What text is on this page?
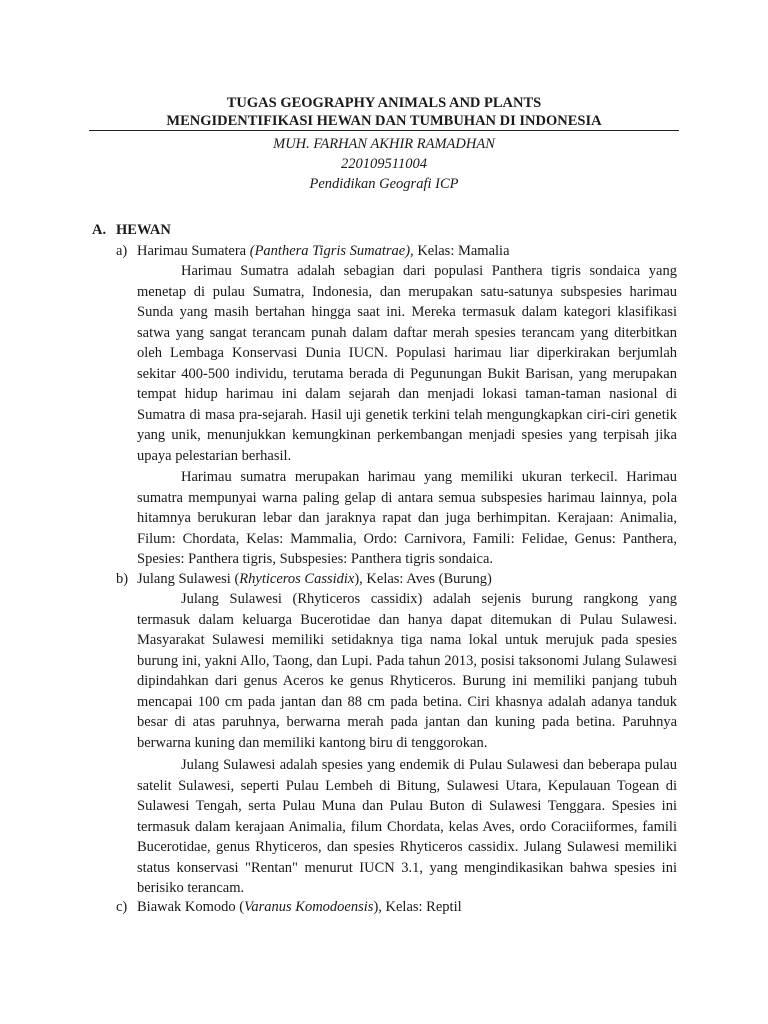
TUGAS GEOGRAPHY ANIMALS AND PLANTS
MENGIDENTIFIKASI HEWAN DAN TUMBUHAN DI INDONESIA
MUH. FARHAN AKHIR RAMADHAN
220109511004
Pendidikan Geografi ICP
A. HEWAN
a) Harimau Sumatera (Panthera Tigris Sumatrae), Kelas: Mamalia

Harimau Sumatra adalah sebagian dari populasi Panthera tigris sondaica yang menetap di pulau Sumatra, Indonesia, dan merupakan satu-satunya subspesies harimau Sunda yang masih bertahan hingga saat ini. Mereka termasuk dalam kategori klasifikasi satwa yang sangat terancam punah dalam daftar merah spesies terancam yang diterbitkan oleh Lembaga Konservasi Dunia IUCN. Populasi harimau liar diperkirakan berjumlah sekitar 400-500 individu, terutama berada di Pegunungan Bukit Barisan, yang merupakan tempat hidup harimau ini dalam sejarah dan menjadi lokasi taman-taman nasional di Sumatra di masa pra-sejarah. Hasil uji genetik terkini telah mengungkapkan ciri-ciri genetik yang unik, menunjukkan kemungkinan perkembangan menjadi spesies yang terpisah jika upaya pelestarian berhasil.

Harimau sumatra merupakan harimau yang memiliki ukuran terkecil. Harimau sumatra mempunyai warna paling gelap di antara semua subspesies harimau lainnya, pola hitamnya berukuran lebar dan jaraknya rapat dan juga berhimpitan. Kerajaan: Animalia, Filum: Chordata, Kelas: Mammalia, Ordo: Carnivora, Famili: Felidae, Genus: Panthera, Spesies: Panthera tigris, Subspesies: Panthera tigris sondaica.

b) Julang Sulawesi (Rhyticeros Cassidix), Kelas: Aves (Burung)

Julang Sulawesi (Rhyticeros cassidix) adalah sejenis burung rangkong yang termasuk dalam keluarga Bucerotidae dan hanya dapat ditemukan di Pulau Sulawesi. Masyarakat Sulawesi memiliki setidaknya tiga nama lokal untuk merujuk pada spesies burung ini, yakni Allo, Taong, dan Lupi. Pada tahun 2013, posisi taksonomi Julang Sulawesi dipindahkan dari genus Aceros ke genus Rhyticeros. Burung ini memiliki panjang tubuh mencapai 100 cm pada jantan dan 88 cm pada betina. Ciri khasnya adalah adanya tanduk besar di atas paruhnya, berwarna merah pada jantan dan kuning pada betina. Paruhnya berwarna kuning dan memiliki kantong biru di tenggorokan.

Julang Sulawesi adalah spesies yang endemik di Pulau Sulawesi dan beberapa pulau satelit Sulawesi, seperti Pulau Lembeh di Bitung, Sulawesi Utara, Kepulauan Togean di Sulawesi Tengah, serta Pulau Muna dan Pulau Buton di Sulawesi Tenggara. Spesies ini termasuk dalam kerajaan Animalia, filum Chordata, kelas Aves, ordo Coraciiformes, famili Bucerotidae, genus Rhyticeros, dan spesies Rhyticeros cassidix. Julang Sulawesi memiliki status konservasi "Rentan" menurut IUCN 3.1, yang mengindikasikan bahwa spesies ini berisiko terancam.

c) Biawak Komodo (Varanus Komodoensis), Kelas: Reptil
